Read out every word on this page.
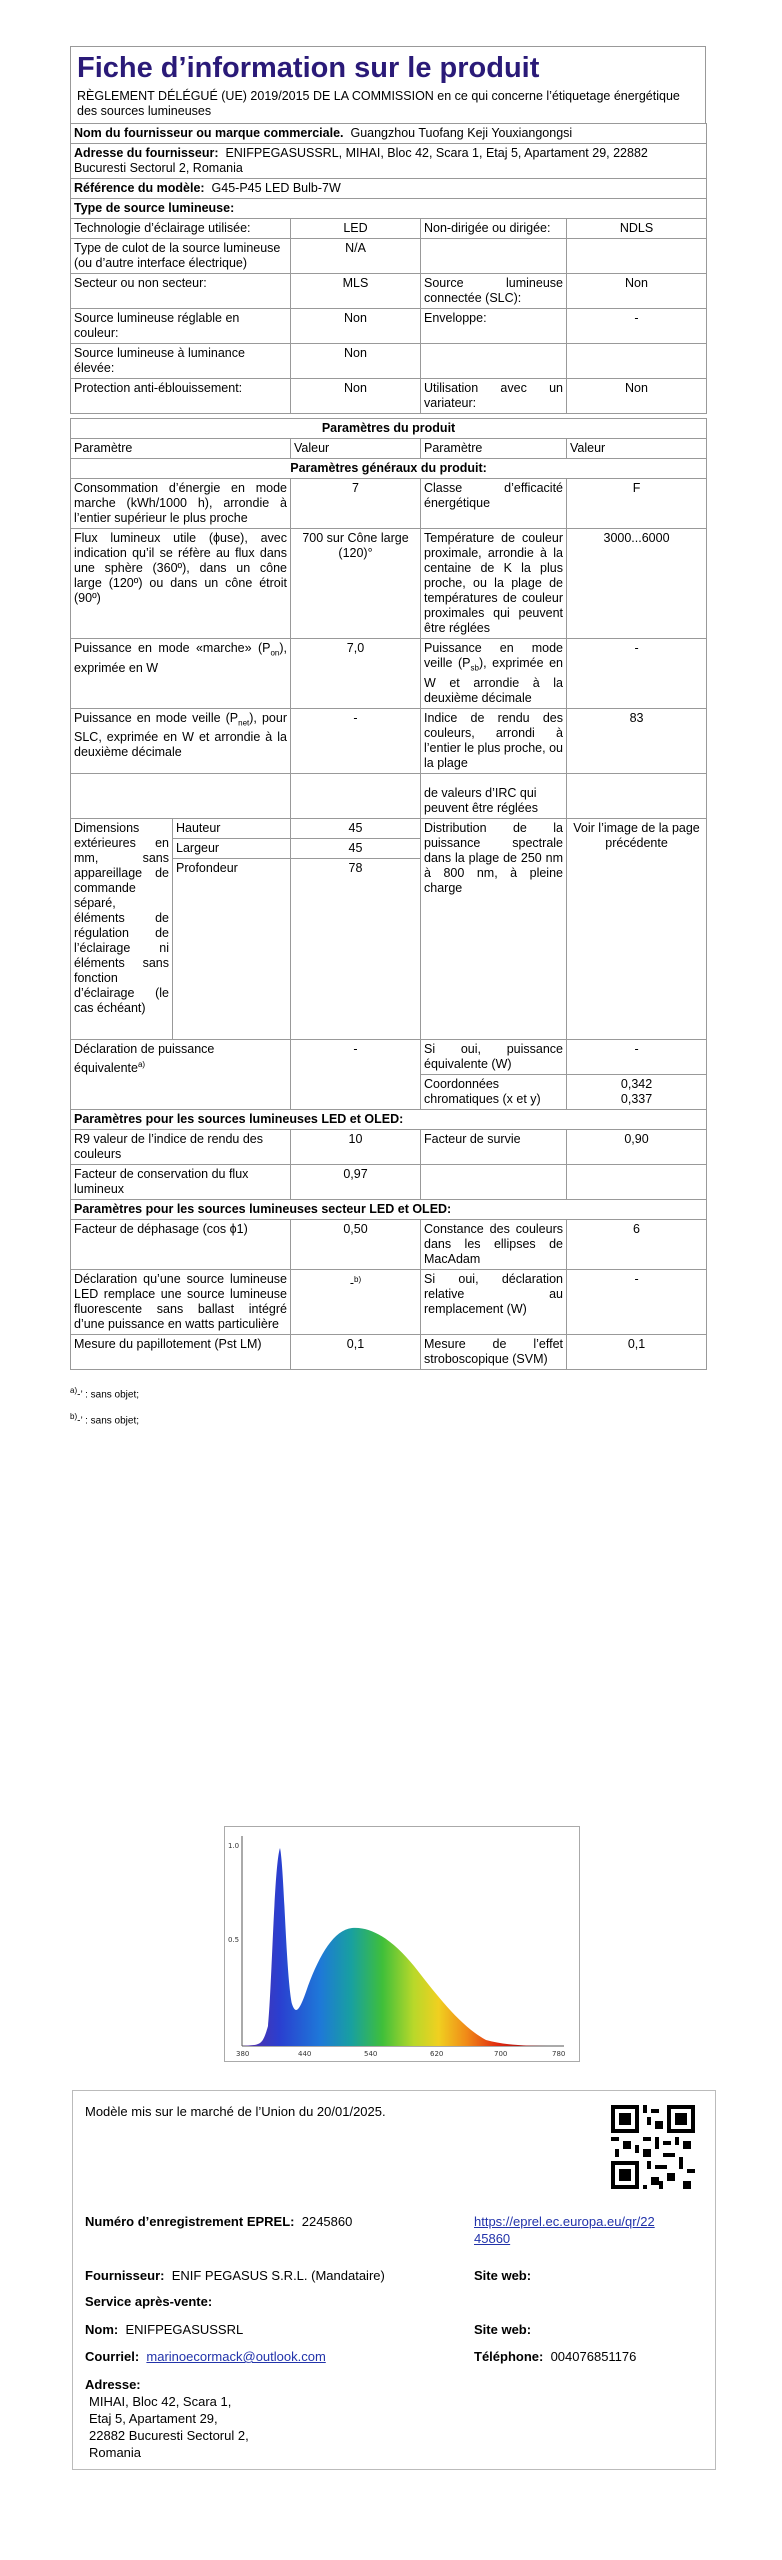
Fiche d’information sur le produit
RÈGLEMENT DÉLÉGUÉ (UE) 2019/2015 DE LA COMMISSION en ce qui concerne l’étiquetage énergétique des sources lumineuses
Nom du fournisseur ou marque commerciale. Guangzhou Tuofang Keji Youxiangongsi			
Adresse du fournisseur: ENIFPEGASUSSRL, MIHAI, Bloc 42, Scara 1, Etaj 5, Apartament 29, 22882 Bucuresti Sectorul 2, Romania			
Référence du modèle: G45-P45 LED Bulb-7W			
Type de source lumineuse:			
Technologie d’éclairage utilisée:	LED	Non-dirigée ou dirigée:	NDLS
Type de culot de la source lumineuse
(ou d’autre interface électrique)	N/A		
Secteur ou non secteur:	MLS	Source lumineuse connectée (SLC):	Non
Source lumineuse réglable en couleur:	Non	Enveloppe:	-
Source lumineuse à luminance élevée:	Non		
Protection anti-éblouissement:	Non	Utilisation avec un variateur:	Non
Paramètres du produit				
Paramètre		Valeur	Paramètre	Valeur
Paramètres généraux du produit:				
Consommation d’énergie en mode marche (kWh/1000 h), arrondie à l’entier supérieur le plus proche		7	Classe d’efficacité énergétique	F
Flux lumineux utile (ϕuse), avec indication qu’il se réfère au flux dans une sphère (360º), dans un cône large (120º) ou dans un cône étroit (90º)		700 sur Cône large (120)°	Température de couleur proximale, arrondie à la centaine de K la plus proche, ou la plage de températures de couleur proximales qui peuvent être réglées	3000...6000
Puissance en mode «marche» $(P_{on})$, exprimée en W		7,0	Puissance en mode veille $(P_{sb})$, exprimée en W et arrondie à la deuxième décimale	-
Puissance en mode veille $(P_{net})$, pour SLC, exprimée en W et arrondie à la deuxième décimale		-	Indice de rendu des couleurs, arrondi à l’entier le plus proche, ou la plage	83
			de valeurs d’IRC qui peuvent être réglées	
Dimensions extérieures en mm, sans appareillage de commande séparé, éléments de régulation de l’éclairage ni éléments sans fonction d’éclairage (le cas échéant)	Hauteur	45	Distribution de la puissance spectrale dans la plage de 250 nm à 800 nm, à pleine charge	Voir l’image de la page précédente
	Largeur	45		
	Profondeur	78		
Déclaration de puissance équivalente$^{a)}$		-	Si oui, puissance équivalente (W)	-
			Coordonnées chromatiques (x et y)	0,342
0,337

Paramètres pour les sources lumineuses LED et OLED:				
R9 valeur de l’indice de rendu des couleurs		10	Facteur de survie	0,90
Facteur de conservation du flux lumineux		0,97		
Paramètres pour les sources lumineuses secteur LED et OLED:				
Facteur de déphasage (cos ϕ1)		0,50	Constance des couleurs dans les ellipses de MacAdam	6
Déclaration qu’une source lumineuse LED remplace une source lumineuse fluorescente sans ballast intégré d’une puissance en watts particulière		-$^{b)}$	Si oui, déclaration relative au remplacement (W)	-
Mesure du papillotement (Pst LM)		0,1	Mesure de l’effet stroboscopique (SVM)	0,1
$^{a)}$-’ : sans objet;
$^{b)}$-’ : sans objet;
1.0
0.5
380	440	540	620	700	780
Modèle mis sur le marché de l’Union du 20/01/2025.
Numéro d’enregistrement EPREL: 2245860	https://eprel.ec.europa.eu/qr/22
45860
Fournisseur: ENIF PEGASUS S.R.L. (Mandataire)	Site web:
Service après-vente:
Nom: ENIFPEGASUSSRL	Site web:
Courriel: marinoecormack@outlook.com	Téléphone: 004076851176
Adresse:
MIHAI, Bloc 42, Scara 1,
Etaj 5, Apartament 29,
22882 Bucuresti Sectorul 2,
Romania
